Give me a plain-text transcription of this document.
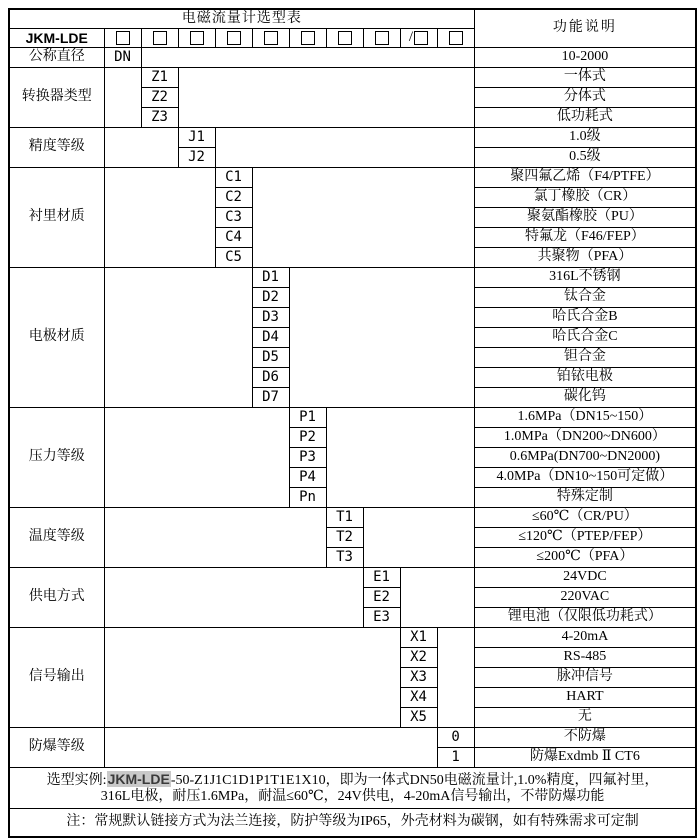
电磁流量计选型表											功能说明
JKM-LDE									/		
公称直径	DN										10-2000
转换器类型		Z1									一体式
		Z2									分体式
		Z3									低功耗式
精度等级			J1								1.0级
			J2								0.5级
衬里材质				C1							聚四氟乙烯（F4/PTFE）
				C2							氯丁橡胶（CR）
				C3							聚氨酯橡胶（PU）
				C4							特氟龙（F46/FEP）
				C5							共聚物（PFA）
电极材质					D1						316L不锈钢
					D2						钛合金
					D3						哈氏合金B
					D4						哈氏合金C
					D5						钽合金
					D6						铂铱电极
					D7						碳化钨
压力等级						P1					1.6MPa（DN15~150）
						P2					1.0MPa（DN200~DN600）
						P3					0.6MPa(DN700~DN2000)
						P4					4.0MPa（DN10~150可定做）
						Pn					特殊定制
温度等级							T1				≤60℃（CR/PU）
							T2				≤120℃（PTEP/FEP）
							T3				≤200℃（PFA）
供电方式								E1			24VDC
								E2			220VAC
								E3			锂电池（仅限低功耗式）
信号输出									X1		4-20mA
									X2		RS-485
									X3		脉冲信号
									X4		HART
									X5		无
防爆等级										0	不防爆
										1	防爆Exdmb Ⅱ CT6
选型实例:JKM-LDE-50-Z1J1C1D1P1T1E1X10，即为一体式DN50电磁流量计,1.0%精度，四氟衬里，
316L电极，耐压1.6MPa，耐温≤60℃，24V供电，4-20mA信号输出，不带防爆功能											
注：常规默认链接方式为法兰连接，防护等级为IP65，外壳材料为碳钢，如有特殊需求可定制											
